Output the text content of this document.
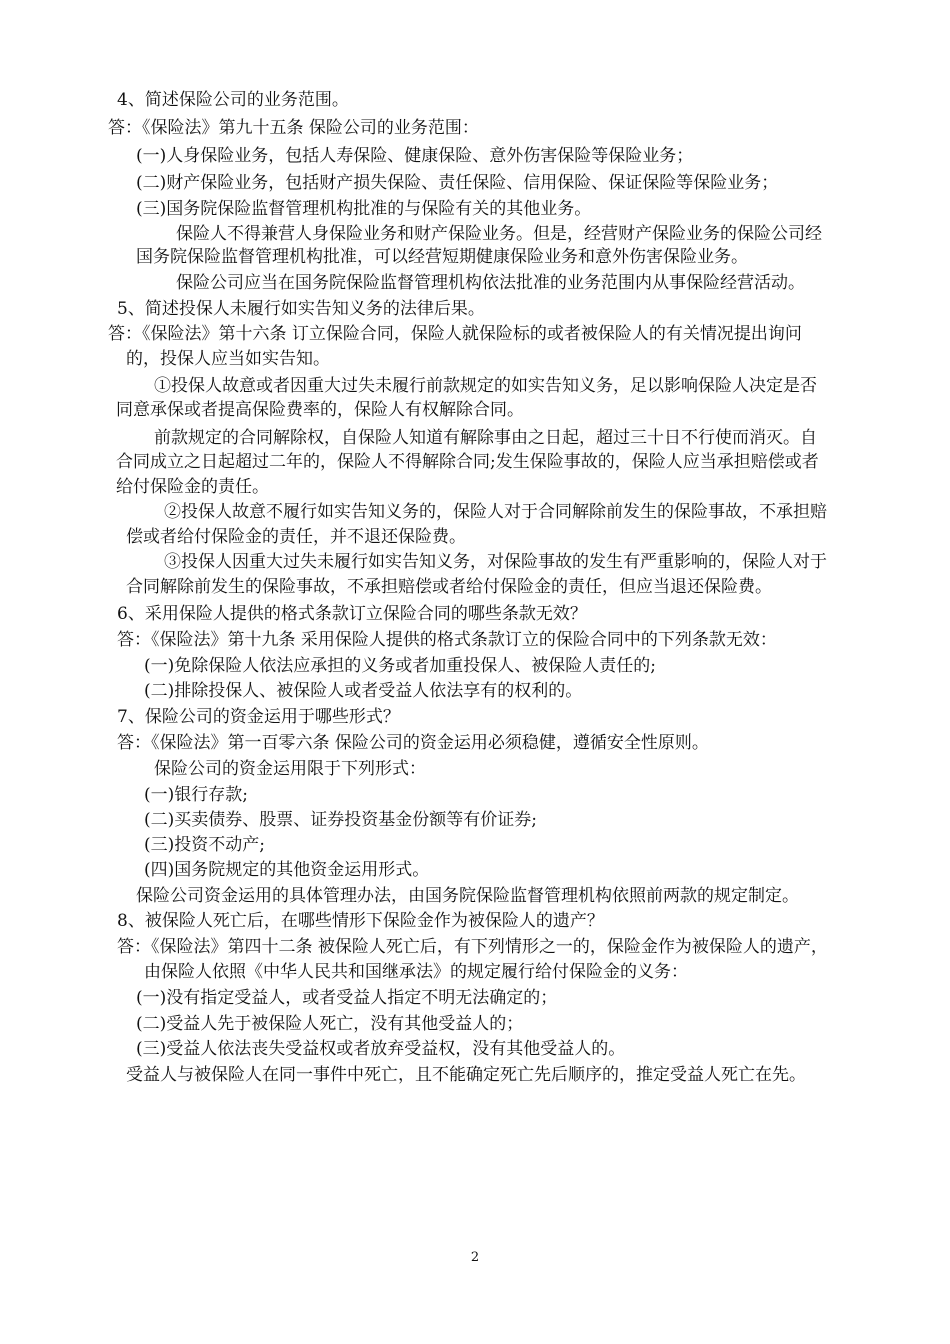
4、简述保险公司的业务范围。
答：《保险法》第九十五条 保险公司的业务范围：
(一)人身保险业务，包括人寿保险、健康保险、意外伤害保险等保险业务；
(二)财产保险业务，包括财产损失保险、责任保险、信用保险、保证保险等保险业务；
(三)国务院保险监督管理机构批准的与保险有关的其他业务。
保险人不得兼营人身保险业务和财产保险业务。但是，经营财产保险业务的保险公司经
国务院保险监督管理机构批准，可以经营短期健康保险业务和意外伤害保险业务。
保险公司应当在国务院保险监督管理机构依法批准的业务范围内从事保险经营活动。
5、简述投保人未履行如实告知义务的法律后果。
答：《保险法》第十六条 订立保险合同，保险人就保险标的或者被保险人的有关情况提出询问
的，投保人应当如实告知。
①投保人故意或者因重大过失未履行前款规定的如实告知义务，足以影响保险人决定是否
同意承保或者提高保险费率的，保险人有权解除合同。
前款规定的合同解除权，自保险人知道有解除事由之日起，超过三十日不行使而消灭。自
合同成立之日起超过二年的，保险人不得解除合同;发生保险事故的，保险人应当承担赔偿或者
给付保险金的责任。
②投保人故意不履行如实告知义务的，保险人对于合同解除前发生的保险事故，不承担赔
偿或者给付保险金的责任，并不退还保险费。
③投保人因重大过失未履行如实告知义务，对保险事故的发生有严重影响的，保险人对于
合同解除前发生的保险事故，不承担赔偿或者给付保险金的责任，但应当退还保险费。
6、采用保险人提供的格式条款订立保险合同的哪些条款无效？
答：《保险法》第十九条 采用保险人提供的格式条款订立的保险合同中的下列条款无效：
(一)免除保险人依法应承担的义务或者加重投保人、被保险人责任的;
(二)排除投保人、被保险人或者受益人依法享有的权利的。
7、保险公司的资金运用于哪些形式？
答：《保险法》第一百零六条 保险公司的资金运用必须稳健，遵循安全性原则。
保险公司的资金运用限于下列形式：
(一)银行存款;
(二)买卖债券、股票、证券投资基金份额等有价证券;
(三)投资不动产;
(四)国务院规定的其他资金运用形式。
保险公司资金运用的具体管理办法，由国务院保险监督管理机构依照前两款的规定制定。
8、被保险人死亡后，在哪些情形下保险金作为被保险人的遗产？
答：《保险法》第四十二条 被保险人死亡后，有下列情形之一的，保险金作为被保险人的遗产，
由保险人依照《中华人民共和国继承法》的规定履行给付保险金的义务：
(一)没有指定受益人，或者受益人指定不明无法确定的；
(二)受益人先于被保险人死亡，没有其他受益人的；
(三)受益人依法丧失受益权或者放弃受益权，没有其他受益人的。
受益人与被保险人在同一事件中死亡，且不能确定死亡先后顺序的，推定受益人死亡在先。
2
